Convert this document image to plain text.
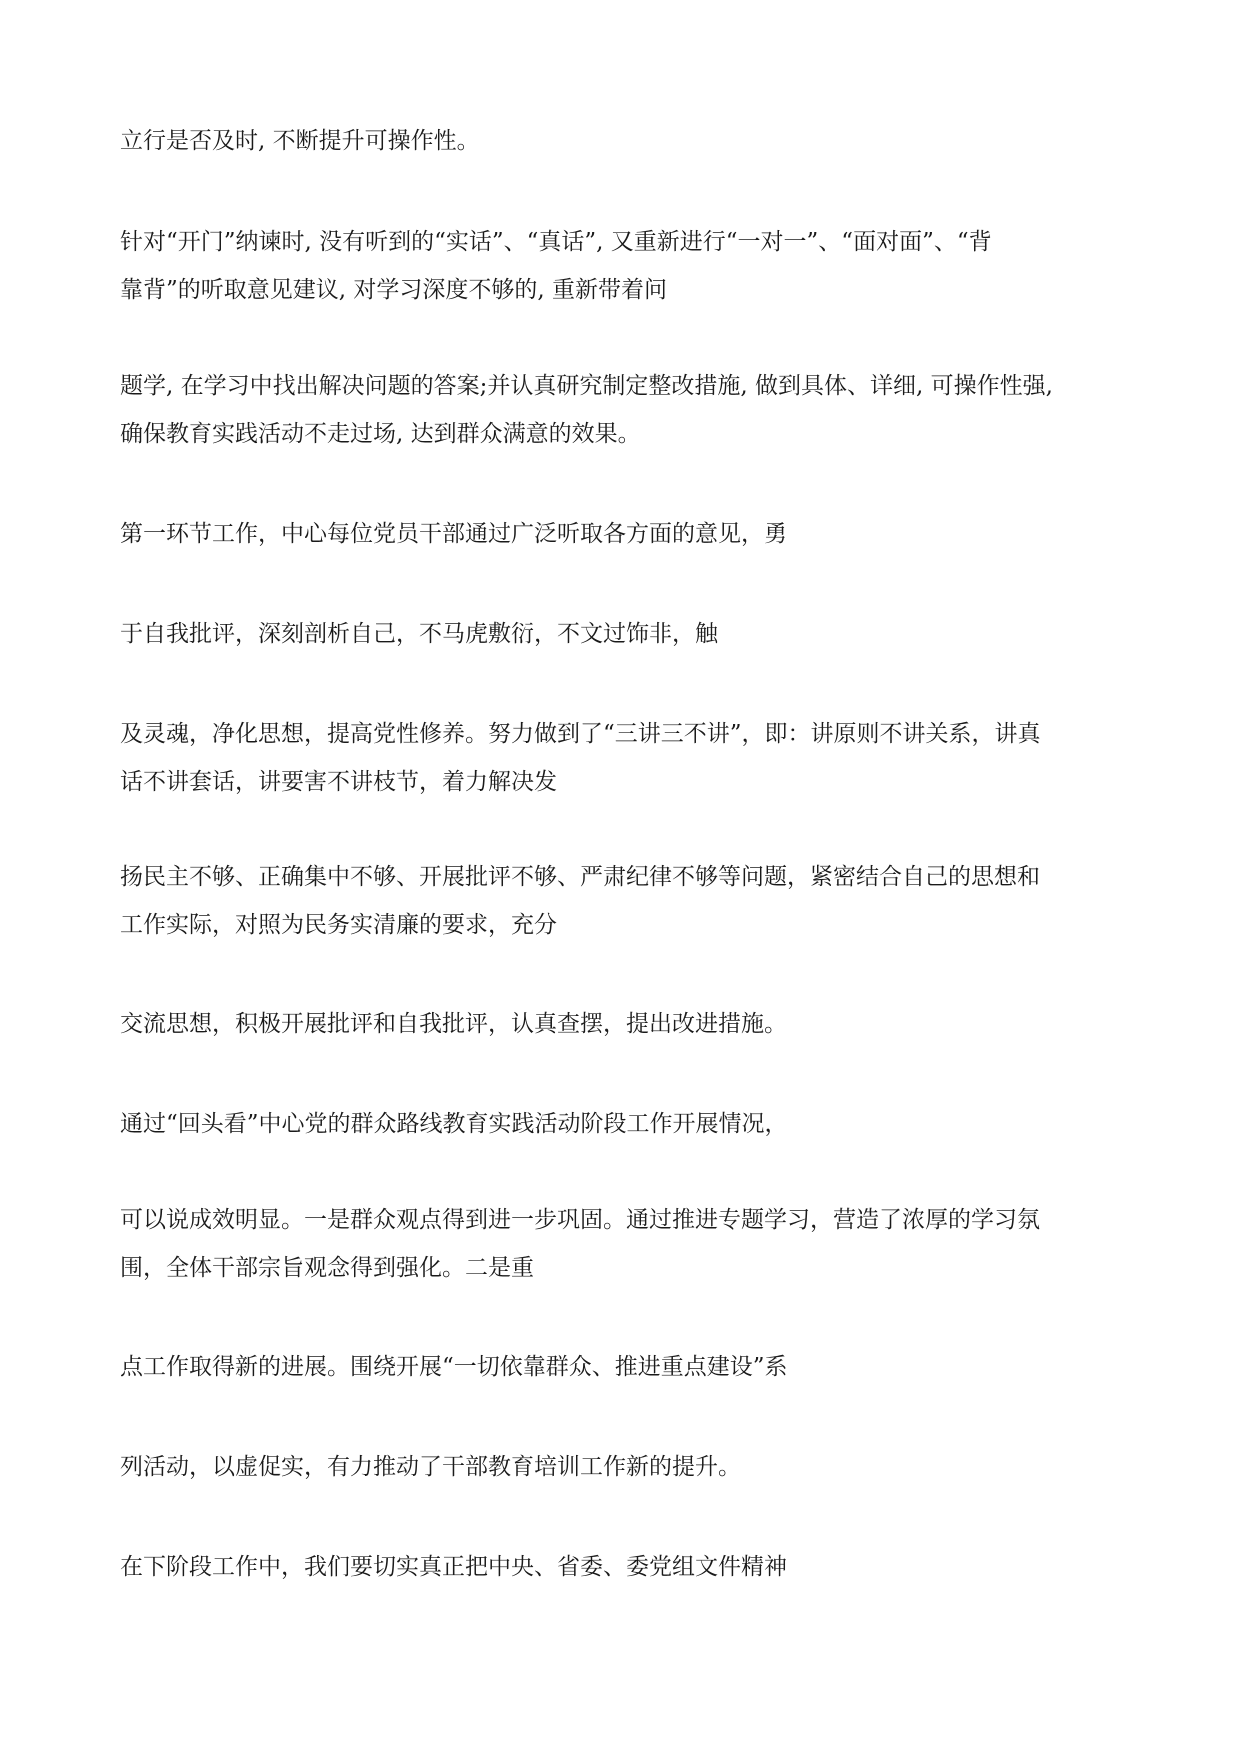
立行是否及时, 不断提升可操作性。

针对“开门”纳谏时, 没有听到的“实话”、“真话”, 又重新进行“一对一”、“面对面”、“背
靠背”的听取意见建议, 对学习深度不够的, 重新带着问

题学, 在学习中找出解决问题的答案;并认真研究制定整改措施, 做到具体、详细, 可操作性强,
确保教育实践活动不走过场, 达到群众满意的效果。

第一环节工作，中心每位党员干部通过广泛听取各方面的意见，勇

于自我批评，深刻剖析自己，不马虎敷衍，不文过饰非，触

及灵魂，净化思想，提高党性修养。努力做到了“三讲三不讲”，即：讲原则不讲关系，讲真
话不讲套话，讲要害不讲枝节，着力解决发

扬民主不够、正确集中不够、开展批评不够、严肃纪律不够等问题，紧密结合自己的思想和
工作实际，对照为民务实清廉的要求，充分

交流思想，积极开展批评和自我批评，认真查摆，提出改进措施。

通过“回头看”中心党的群众路线教育实践活动阶段工作开展情况，

可以说成效明显。一是群众观点得到进一步巩固。通过推进专题学习，营造了浓厚的学习氛
围，全体干部宗旨观念得到强化。二是重

点工作取得新的进展。围绕开展“一切依靠群众、推进重点建设”系

列活动，以虚促实，有力推动了干部教育培训工作新的提升。

在下阶段工作中，我们要切实真正把中央、省委、委党组文件精神
